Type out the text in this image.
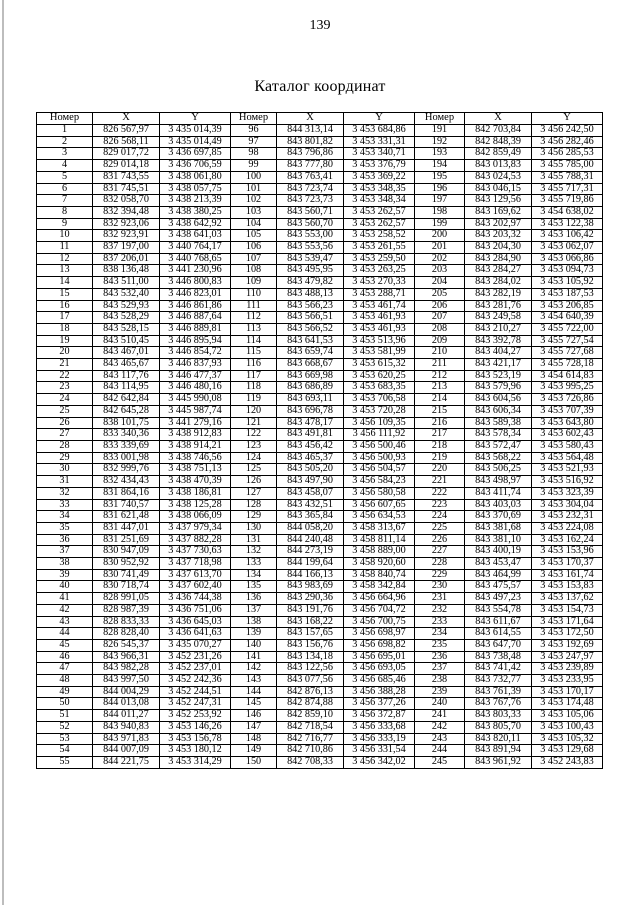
139
Каталог координат
Номер	X	Y	Номер	X	Y	Номер	X	Y
1	826 567,97	3 435 014,39	96	844 313,14	3 453 684,86	191	842 703,84	3 456 242,50
2	826 568,11	3 435 014,49	97	843 801,82	3 453 331,31	192	842 848,39	3 456 282,46
3	829 017,72	3 436 697,85	98	843 796,86	3 453 340,71	193	842 859,49	3 456 285,53
4	829 014,18	3 436 706,59	99	843 777,80	3 453 376,79	194	843 013,83	3 455 785,00
5	831 743,55	3 438 061,80	100	843 763,41	3 453 369,22	195	843 024,53	3 455 788,31
6	831 745,51	3 438 057,75	101	843 723,74	3 453 348,35	196	843 046,15	3 455 717,31
7	832 058,70	3 438 213,39	102	843 723,73	3 453 348,34	197	843 129,56	3 455 719,86
8	832 394,48	3 438 380,25	103	843 560,71	3 453 262,57	198	843 169,62	3 454 638,02
9	832 923,06	3 438 642,92	104	843 560,70	3 453 262,57	199	843 202,97	3 453 122,38
10	832 923,91	3 438 641,03	105	843 553,00	3 453 258,52	200	843 203,32	3 453 106,42
11	837 197,00	3 440 764,17	106	843 553,56	3 453 261,55	201	843 204,30	3 453 062,07
12	837 206,01	3 440 768,65	107	843 539,47	3 453 259,50	202	843 284,90	3 453 066,86
13	838 136,48	3 441 230,96	108	843 495,95	3 453 263,25	203	843 284,27	3 453 094,73
14	843 511,00	3 446 800,83	109	843 479,82	3 453 270,33	204	843 284,02	3 453 105,92
15	843 532,40	3 446 823,01	110	843 488,13	3 453 288,71	205	843 282,19	3 453 187,53
16	843 529,93	3 446 861,86	111	843 566,23	3 453 461,74	206	843 281,76	3 453 206,85
17	843 528,29	3 446 887,64	112	843 566,51	3 453 461,93	207	843 249,58	3 454 640,39
18	843 528,15	3 446 889,81	113	843 566,52	3 453 461,93	208	843 210,27	3 455 722,00
19	843 510,45	3 446 895,94	114	843 641,53	3 453 513,96	209	843 392,78	3 455 727,54
20	843 467,01	3 446 854,72	115	843 659,74	3 453 581,99	210	843 404,27	3 455 727,68
21	843 465,67	3 446 837,93	116	843 668,67	3 453 615,32	211	843 421,17	3 455 728,18
22	843 117,76	3 446 477,37	117	843 669,98	3 453 620,25	212	843 523,19	3 454 614,83
23	843 114,95	3 446 480,16	118	843 686,89	3 453 683,35	213	843 579,96	3 453 995,25
24	842 642,84	3 445 990,08	119	843 693,11	3 453 706,58	214	843 604,56	3 453 726,86
25	842 645,28	3 445 987,74	120	843 696,78	3 453 720,28	215	843 606,34	3 453 707,39
26	838 101,75	3 441 279,16	121	843 478,17	3 456 109,35	216	843 589,38	3 453 643,80
27	833 340,36	3 438 912,83	122	843 491,81	3 456 111,92	217	843 578,34	3 453 602,43
28	833 339,69	3 438 914,21	123	843 456,42	3 456 500,46	218	843 572,47	3 453 580,43
29	833 001,98	3 438 746,56	124	843 465,37	3 456 500,93	219	843 568,22	3 453 564,48
30	832 999,76	3 438 751,13	125	843 505,20	3 456 504,57	220	843 506,25	3 453 521,93
31	832 434,43	3 438 470,39	126	843 497,90	3 456 584,23	221	843 498,97	3 453 516,92
32	831 864,16	3 438 186,81	127	843 458,07	3 456 580,58	222	843 411,74	3 453 323,39
33	831 740,57	3 438 125,28	128	843 432,51	3 456 607,65	223	843 403,03	3 453 304,04
34	831 621,48	3 438 066,09	129	843 365,84	3 456 634,53	224	843 370,69	3 453 232,31
35	831 447,01	3 437 979,34	130	844 058,20	3 458 313,67	225	843 381,68	3 453 224,08
36	831 251,69	3 437 882,28	131	844 240,48	3 458 811,14	226	843 381,10	3 453 162,24
37	830 947,09	3 437 730,63	132	844 273,19	3 458 889,00	227	843 400,19	3 453 153,96
38	830 952,92	3 437 718,98	133	844 199,64	3 458 920,60	228	843 453,47	3 453 170,37
39	830 741,49	3 437 613,70	134	844 166,13	3 458 840,74	229	843 464,99	3 453 161,74
40	830 718,74	3 437 602,40	135	843 983,69	3 458 342,84	230	843 475,57	3 453 153,83
41	828 991,05	3 436 744,38	136	843 290,36	3 456 664,96	231	843 497,23	3 453 137,62
42	828 987,39	3 436 751,06	137	843 191,76	3 456 704,72	232	843 554,78	3 453 154,73
43	828 833,33	3 436 645,03	138	843 168,22	3 456 700,75	233	843 611,67	3 453 171,64
44	828 828,40	3 436 641,63	139	843 157,65	3 456 698,97	234	843 614,55	3 453 172,50
45	826 545,37	3 435 070,27	140	843 156,76	3 456 698,82	235	843 647,70	3 453 192,69
46	843 966,31	3 452 231,26	141	843 134,18	3 456 695,01	236	843 738,48	3 453 247,97
47	843 982,28	3 452 237,01	142	843 122,56	3 456 693,05	237	843 741,42	3 453 239,89
48	843 997,50	3 452 242,36	143	843 077,56	3 456 685,46	238	843 732,77	3 453 233,95
49	844 004,29	3 452 244,51	144	842 876,13	3 456 388,28	239	843 761,39	3 453 170,17
50	844 013,08	3 452 247,31	145	842 874,88	3 456 377,26	240	843 767,76	3 453 174,48
51	844 011,27	3 452 253,92	146	842 859,10	3 456 372,87	241	843 803,33	3 453 105,06
52	843 940,83	3 453 146,26	147	842 718,54	3 456 333,68	242	843 805,70	3 453 100,43
53	843 971,83	3 453 156,78	148	842 716,77	3 456 333,19	243	843 820,11	3 453 105,32
54	844 007,09	3 453 180,12	149	842 710,86	3 456 331,54	244	843 891,94	3 453 129,68
55	844 221,75	3 453 314,29	150	842 708,33	3 456 342,02	245	843 961,92	3 452 243,83
